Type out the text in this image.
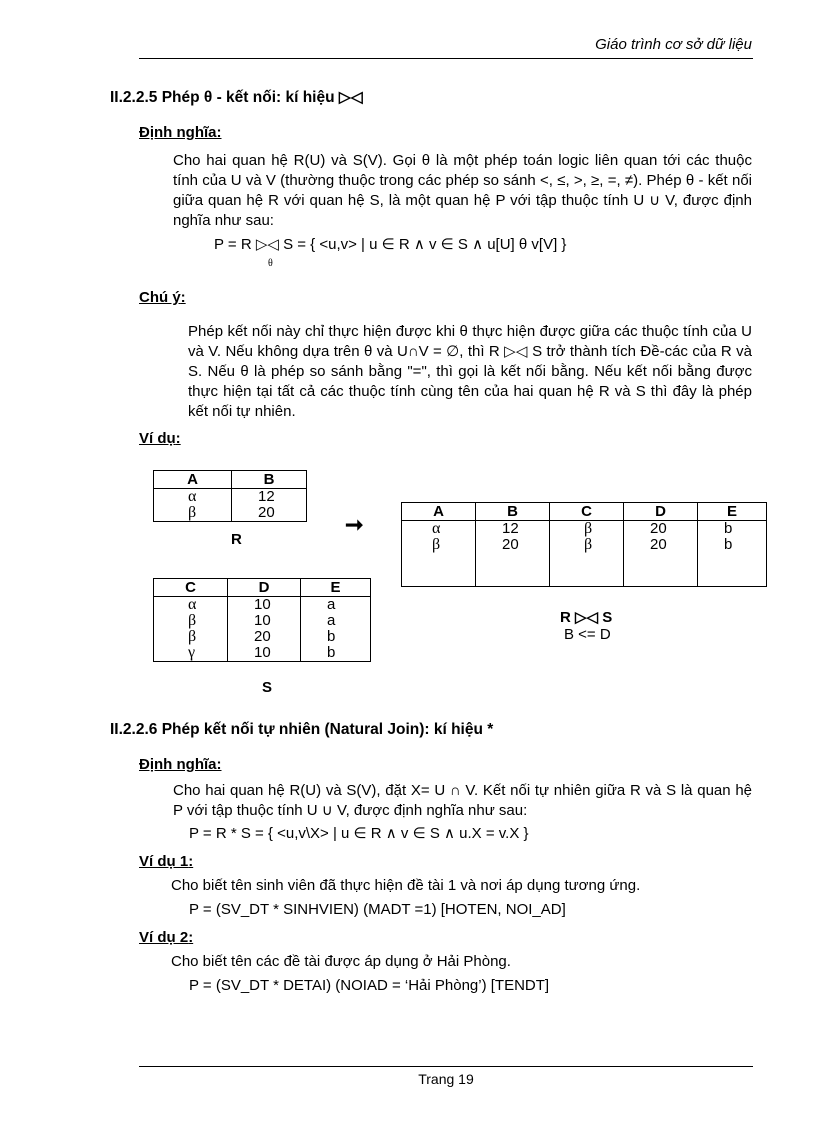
Giáo trình cơ sở dữ liệu
II.2.2.5 Phép θ - kết nối: kí hiệu ▷◁
Định nghĩa:
Cho hai quan hệ R(U) và S(V). Gọi θ là một phép toán logic liên quan tới các thuộc tính của U và V (thường thuộc trong các phép so sánh <, ≤, >, ≥, =, ≠). Phép θ - kết nối giữa quan hệ R với quan hệ S, là một quan hệ P với tập thuộc tính U ∪ V, được định nghĩa như sau:
P = R ▷◁ S = { <u,v> | u ∈ R ∧ v ∈ S ∧ u[U] θ v[V] }
θ
Chú ý:
Phép kết nối này chỉ thực hiện được khi θ thực hiện được giữa các thuộc tính của U và V. Nếu không dựa trên θ và U∩V = ∅, thì R ▷◁ S trở thành tích Đề-các của R và S. Nếu θ là phép so sánh bằng "=", thì gọi là kết nối bằng. Nếu kết nối bằng được thực hiện tại tất cả các thuộc tính cùng tên của hai quan hệ R và S thì đây là phép kết nối tự nhiên.
Ví dụ:
A	B
α	12
β	20
R
➞
C	D	E
α	10	a
β	10	a
β	20	b
γ	10	b
S
A	B	C	D	E
α	12	β	20	b
β	20	β	20	b

R ▷◁ S
B <= D
II.2.2.6 Phép kết nối tự nhiên (Natural Join): kí hiệu *
Định nghĩa:
Cho hai quan hệ R(U) và S(V), đặt X= U ∩ V. Kết nối tự nhiên giữa R và S là quan hệ P với tập thuộc tính U ∪ V, được định nghĩa như sau:
P = R * S = { <u,v\X> | u ∈ R ∧ v ∈ S ∧ u.X = v.X }
Ví dụ 1:
Cho biết tên sinh viên đã thực hiện đề tài 1 và nơi áp dụng tương ứng.
P = (SV_DT * SINHVIEN) (MADT =1) [HOTEN, NOI_AD]
Ví dụ 2:
Cho biết tên các đề tài được áp dụng ở Hải Phòng.
P = (SV_DT * DETAI) (NOIAD = ‘Hải Phòng’) [TENDT]
Trang 19
